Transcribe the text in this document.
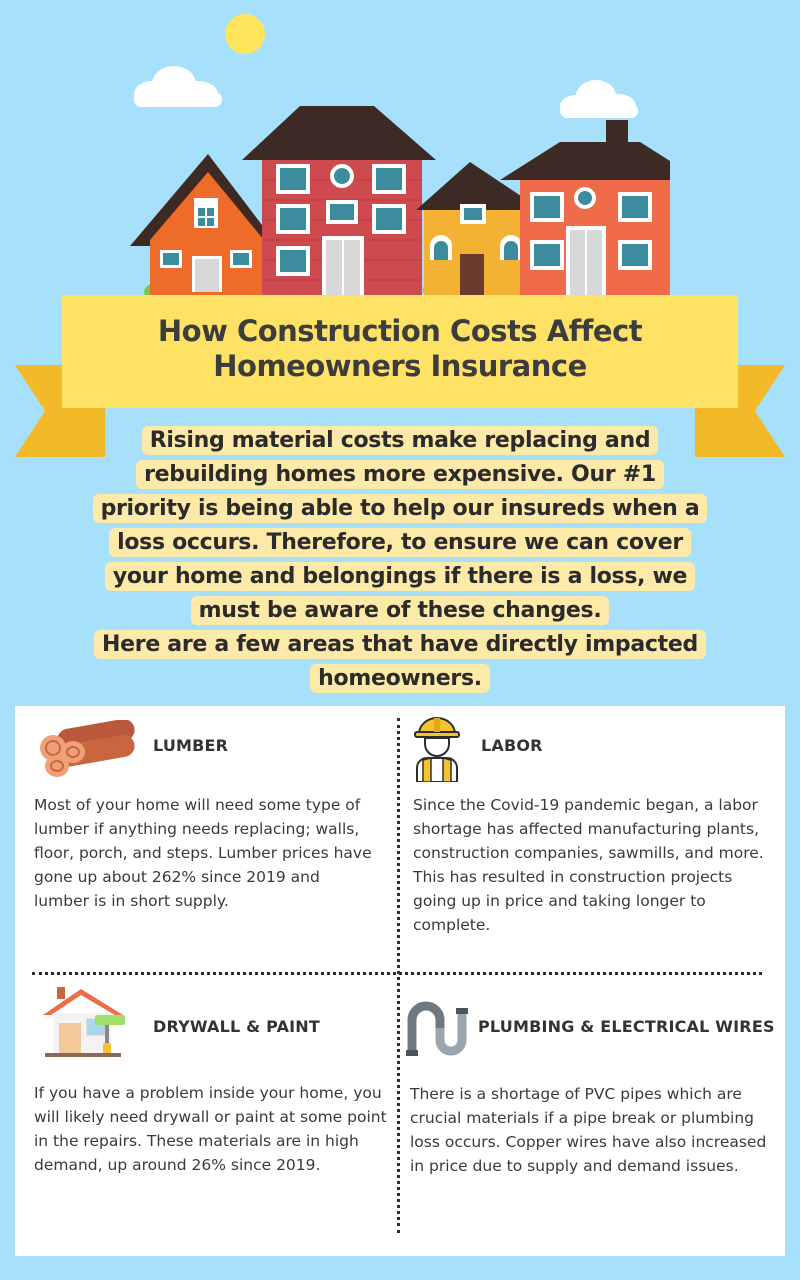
How Construction Costs Affect
Homeowners Insurance

Rising material costs make replacing and rebuilding homes more expensive. Our #1 priority is being able to help our insureds when a loss occurs. Therefore, to ensure we can cover your home and belongings if there is a loss, we must be aware of these changes.

Here are a few areas that have directly impacted homeowners.

LUMBER
Most of your home will need some type of lumber if anything needs replacing; walls, floor, porch, and steps. Lumber prices have gone up about 262% since 2019 and lumber is in short supply.
LABOR
Since the Covid-19 pandemic began, a labor shortage has affected manufacturing plants, construction companies, sawmills, and more. This has resulted in construction projects going up in price and taking longer to complete.
DRYWALL & PAINT
If you have a problem inside your home, you will likely need drywall or paint at some point in the repairs. These materials are in high demand, up around 26% since 2019.
PLUMBING & ELECTRICAL WIRES
There is a shortage of PVC pipes which are crucial materials if a pipe break or plumbing loss occurs. Copper wires have also increased in price due to supply and demand issues.
